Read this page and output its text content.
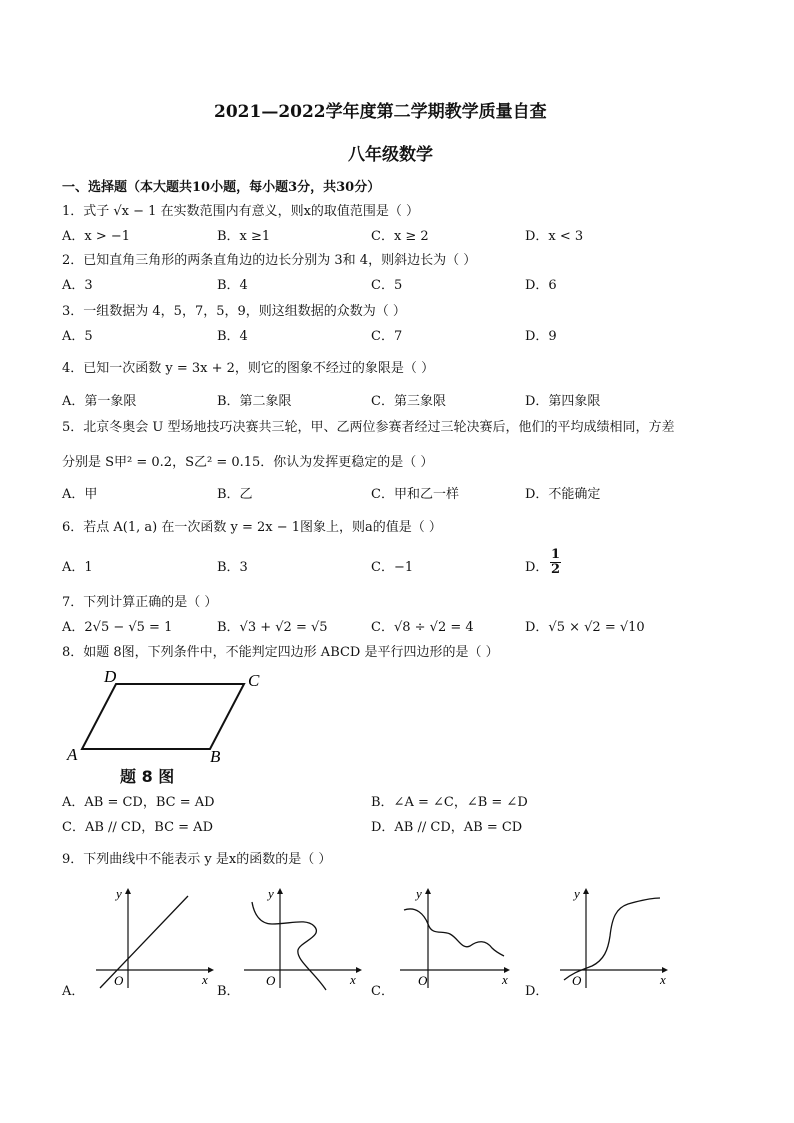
2021—2022学年度第二学期教学质量自查
八年级数学
一、选择题（本大题共10小题，每小题3分，共30分）
1．式子 √x − 1 在实数范围内有意义，则x的取值范围是（ ）
A．x > −1	B．x ≥1	C．x ≥ 2	D．x < 3
2．已知直角三角形的两条直角边的边长分别为 3和 4，则斜边长为（ ）
A．3	B．4	C．5	D．6
3．一组数据为 4，5，7，5，9，则这组数据的众数为（ ）
A．5	B．4	C．7	D．9
4．已知一次函数 y = 3x + 2，则它的图象不经过的象限是（ ）
A．第一象限	B．第二象限	C．第三象限	D．第四象限
5．北京冬奥会 U 型场地技巧决赛共三轮，甲、乙两位参赛者经过三轮决赛后，他们的平均成绩相同，方差
分别是 S甲² = 0.2，S乙² = 0.15．你认为发挥更稳定的是（ ）
A．甲	B．乙	C．甲和乙一样	D．不能确定
6．若点 A(1, a) 在一次函数 y = 2x − 1图象上，则a的值是（ ）
A．1	B．3	C．−1	D． $\frac{1}{2}$
7．下列计算正确的是（ ）
A．2√5 − √5 = 1	B．√3 + √2 = √5	C．√8 ÷ √2 = 4	D．√5 × √2 = √10
8．如题 8图，下列条件中，不能判定四边形 ABCD 是平行四边形的是（ ）
A	B
C
D
题 8 图
A．AB = CD，BC = AD	B．∠A = ∠C，∠B = ∠D
C．AB // CD，BC = AD	D．AB // CD，AB = CD
9．下列曲线中不能表示 y 是x的函数的是（ ）
A．
y
x
O
B．
y
x
O
C．
y
x
O
D．
y
x
O
